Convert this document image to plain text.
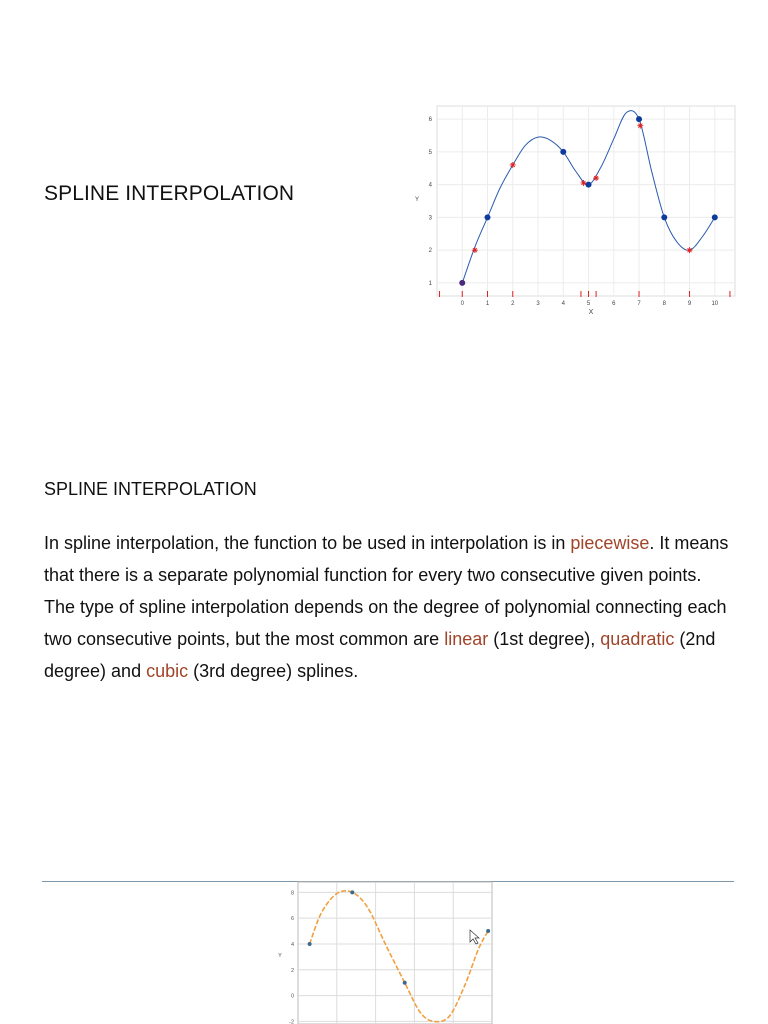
SPLINE INTERPOLATION
0	1	2	3	4	5	6	7	8	9	10
1
2
3
4
5
6
X
Y
SPLINE INTERPOLATION

In spline interpolation, the function to be used in interpolation is in piecewise. It means that there is a separate polynomial function for every two consecutive given points. The type of spline interpolation depends on the degree of polynomial connecting each two consecutive points, but the most common are linear (1st degree), quadratic (2nd degree) and cubic (3rd degree) splines.

8
6
4
2
0
-2
Y
